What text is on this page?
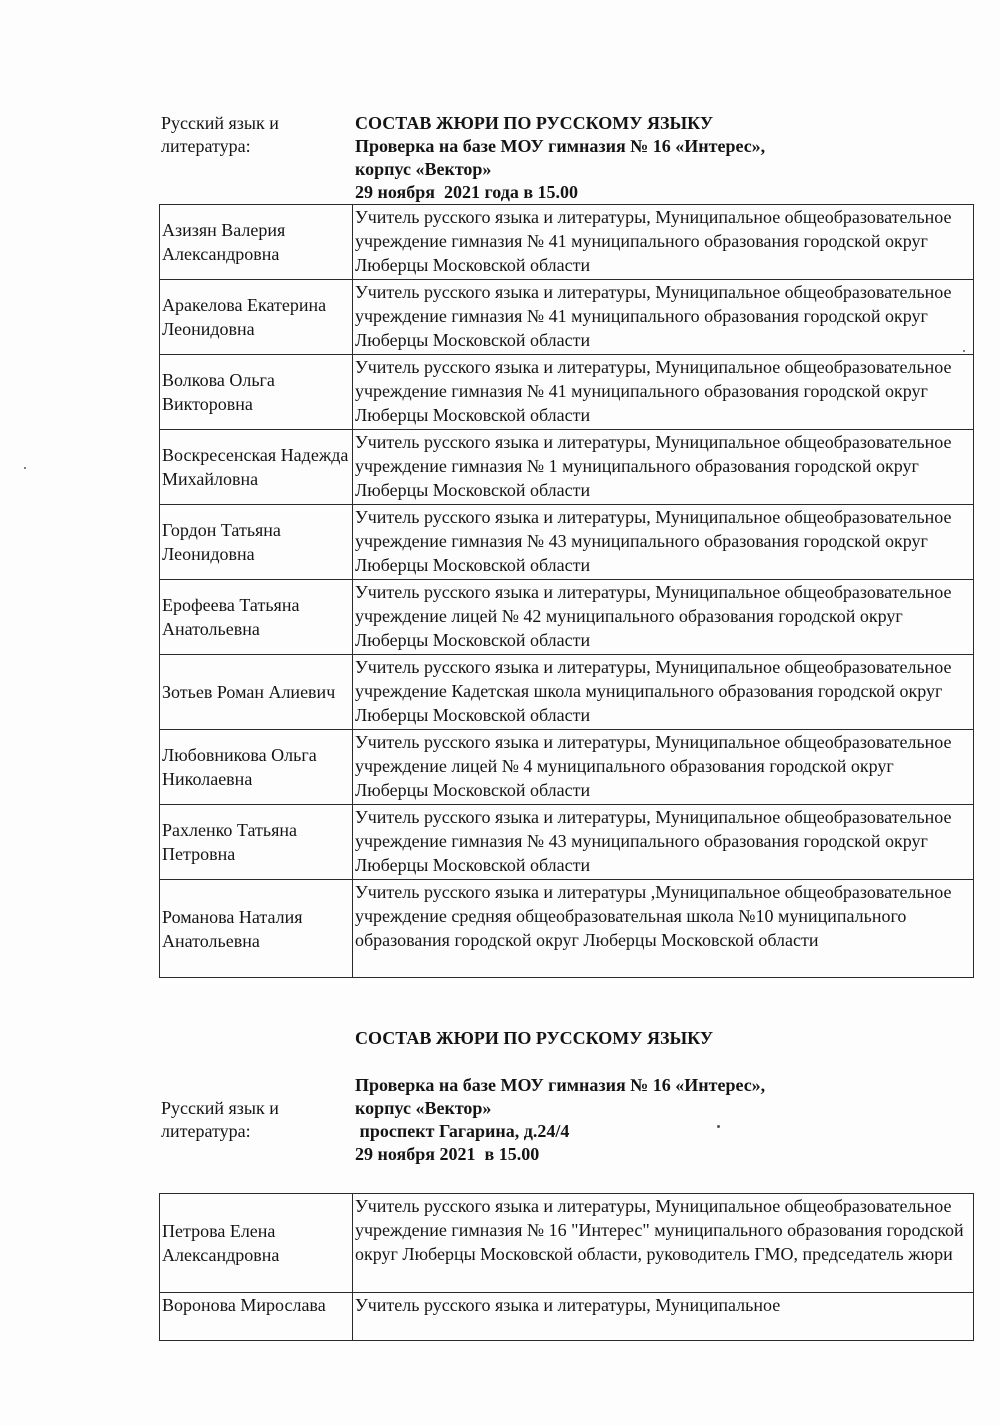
Русский язык и литература:
СОСТАВ ЖЮРИ ПО РУССКОМУ ЯЗЫКУ
Проверка на базе МОУ гимназия № 16 «Интерес»,
корпус «Вектор»
29 ноября  2021 года в 15.00
Азизян Валерия Александровна	Учитель русского языка и литературы, Муниципальное общеобразовательное учреждение гимназия № 41 муниципального образования городской округ Люберцы Московской области
Аракелова Екатерина Леонидовна	Учитель русского языка и литературы, Муниципальное общеобразовательное учреждение гимназия № 41 муниципального образования городской округ Люберцы Московской области
Волкова Ольга Викторовна	Учитель русского языка и литературы, Муниципальное общеобразовательное учреждение гимназия № 41 муниципального образования городской округ Люберцы Московской области
Воскресенская Надежда Михайловна	Учитель русского языка и литературы, Муниципальное общеобразовательное учреждение гимназия № 1 муниципального образования городской округ Люберцы Московской области
Гордон Татьяна Леонидовна	Учитель русского языка и литературы, Муниципальное общеобразовательное учреждение гимназия № 43 муниципального образования городской округ Люберцы Московской области
Ерофеева Татьяна Анатольевна	Учитель русского языка и литературы, Муниципальное общеобразовательное учреждение лицей № 42 муниципального образования городской округ Люберцы Московской области
Зотьев Роман Алиевич	Учитель русского языка и литературы, Муниципальное общеобразовательное учреждение Кадетская школа муниципального образования городской округ Люберцы Московской области
Любовникова Ольга Николаевна	Учитель русского языка и литературы, Муниципальное общеобразовательное учреждение лицей № 4 муниципального образования городской округ Люберцы Московской области
Рахленко Татьяна Петровна	Учитель русского языка и литературы, Муниципальное общеобразовательное учреждение гимназия № 43 муниципального образования городской округ Люберцы Московской области
Романова Наталия Анатольевна	Учитель русского языка и литературы ,Муниципальное общеобразовательное учреждение средняя общеобразовательная школа №10 муниципального образования городской округ Люберцы Московской области
СОСТАВ ЖЮРИ ПО РУССКОМУ ЯЗЫКУ
Русский язык и литература:
Проверка на базе МОУ гимназия № 16 «Интерес»,
корпус «Вектор»
проспект Гагарина, д.24/4
29 ноября 2021  в 15.00
Петрова Елена Александровна	Учитель русского языка и литературы, Муниципальное общеобразовательное учреждение гимназия № 16 "Интерес" муниципального образования городской округ Люберцы Московской области, руководитель ГМО, председатель жюри
Воронова Мирослава	Учитель русского языка и литературы, Муниципальное
